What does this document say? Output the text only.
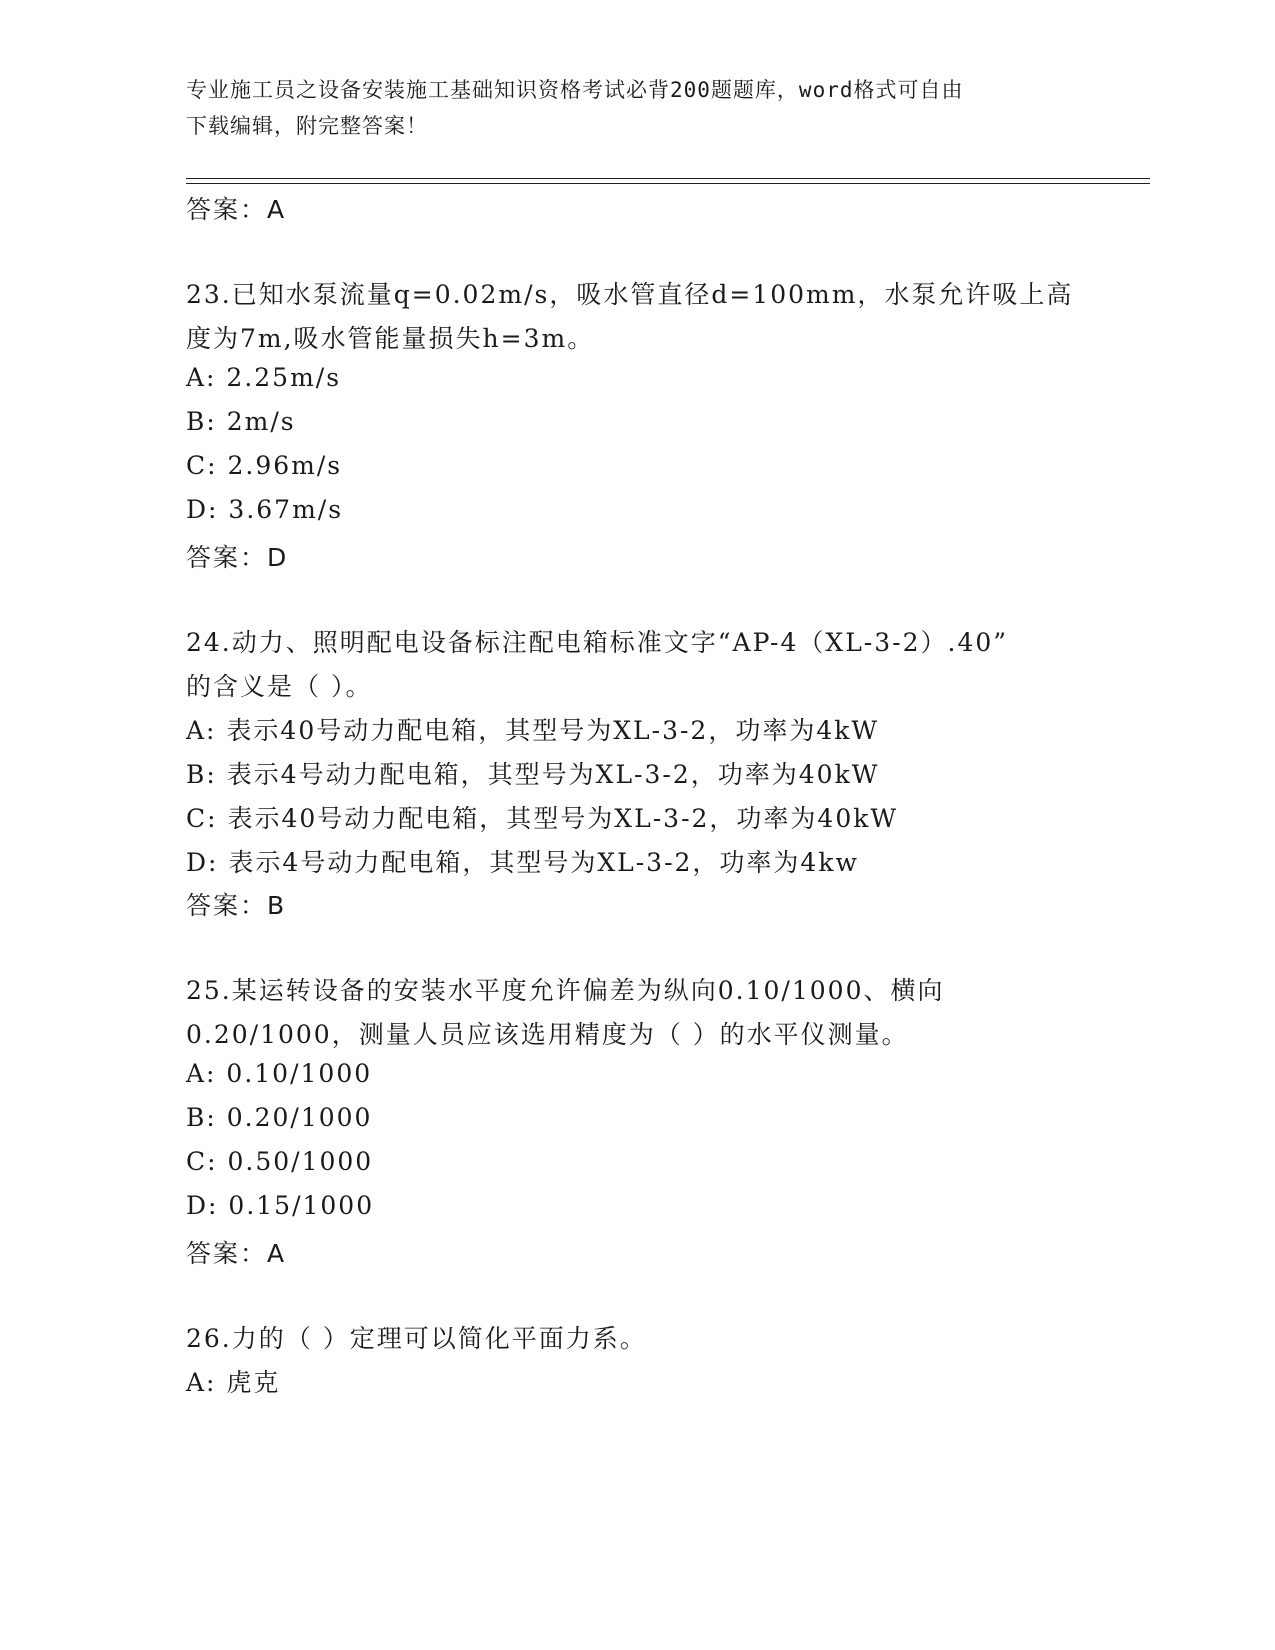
专业施工员之设备安装施工基础知识资格考试必背200题题库，word格式可自由
下载编辑，附完整答案！
答案：A
23.已知水泵流量q=0.02m/s，吸水管直径d=100mm，水泵允许吸上高
度为7m,吸水管能量损失h=3m。
A: 2.25m/s
B: 2m/s
C: 2.96m/s
D: 3.67m/s
答案：D
24.动力、照明配电设备标注配电箱标准文字“AP-4（XL-3-2）.40”
的含义是（ ）。
A: 表示40号动力配电箱，其型号为XL-3-2，功率为4kW
B: 表示4号动力配电箱，其型号为XL-3-2，功率为40kW
C: 表示40号动力配电箱，其型号为XL-3-2，功率为40kW
D: 表示4号动力配电箱，其型号为XL-3-2，功率为4kw
答案：B
25.某运转设备的安装水平度允许偏差为纵向0.10/1000、横向
0.20/1000，测量人员应该选用精度为（ ）的水平仪测量。
A: 0.10/1000
B: 0.20/1000
C: 0.50/1000
D: 0.15/1000
答案：A
26.力的（ ）定理可以简化平面力系。
A: 虎克
